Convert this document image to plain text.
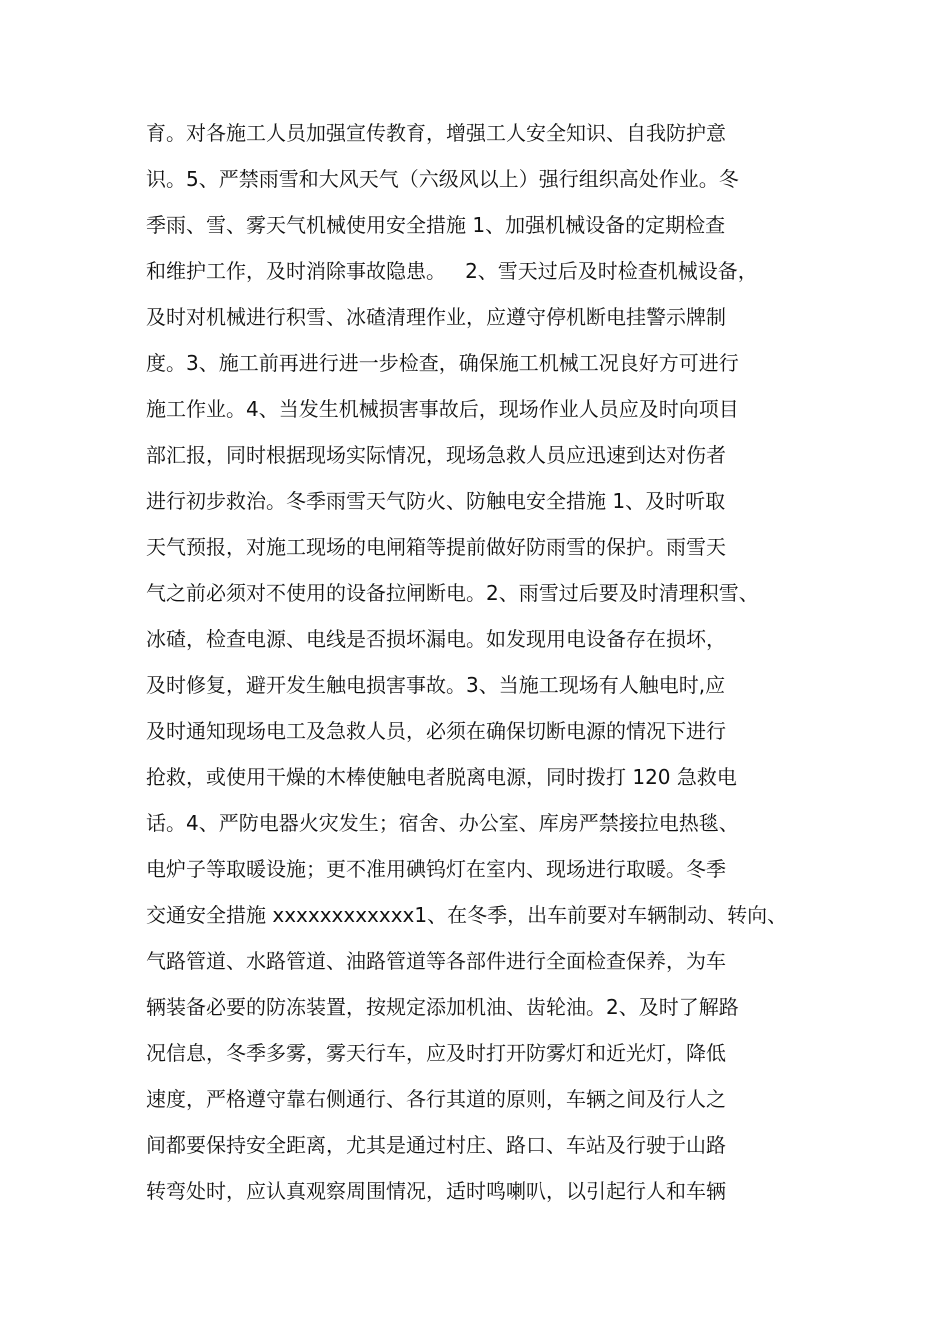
育。对各施工人员加强宣传教育，增强工人安全知识、自我防护意
识。5、严禁雨雪和大风天气（六级风以上）强行组织高处作业。冬
季雨、雪、雾天气机械使用安全措施 1、加强机械设备的定期检查
和维护工作，及时消除事故隐患。   2、雪天过后及时检查机械设备，
及时对机械进行积雪、冰碴清理作业，应遵守停机断电挂警示牌制
度。3、施工前再进行进一步检查，确保施工机械工况良好方可进行
施工作业。4、当发生机械损害事故后，现场作业人员应及时向项目
部汇报，同时根据现场实际情况，现场急救人员应迅速到达对伤者
进行初步救治。冬季雨雪天气防火、防触电安全措施 1、及时听取
天气预报，对施工现场的电闸箱等提前做好防雨雪的保护。雨雪天
气之前必须对不使用的设备拉闸断电。2、雨雪过后要及时清理积雪、
冰碴，检查电源、电线是否损坏漏电。如发现用电设备存在损坏，
及时修复，避开发生触电损害事故。3、当施工现场有人触电时,应
及时通知现场电工及急救人员，必须在确保切断电源的情况下进行
抢救，或使用干燥的木棒使触电者脱离电源，同时拨打 120 急救电
话。4、严防电器火灾发生；宿舍、办公室、库房严禁接拉电热毯、
电炉子等取暖设施；更不准用碘钨灯在室内、现场进行取暖。冬季
交通安全措施 xxxxxxxxxxxx1、在冬季，出车前要对车辆制动、转向、
气路管道、水路管道、油路管道等各部件进行全面检查保养，为车
辆装备必要的防冻装置，按规定添加机油、齿轮油。2、及时了解路
况信息，冬季多雾，雾天行车，应及时打开防雾灯和近光灯，降低
速度，严格遵守靠右侧通行、各行其道的原则，车辆之间及行人之
间都要保持安全距离，尤其是通过村庄、路口、车站及行驶于山路
转弯处时，应认真观察周围情况，适时鸣喇叭，以引起行人和车辆
